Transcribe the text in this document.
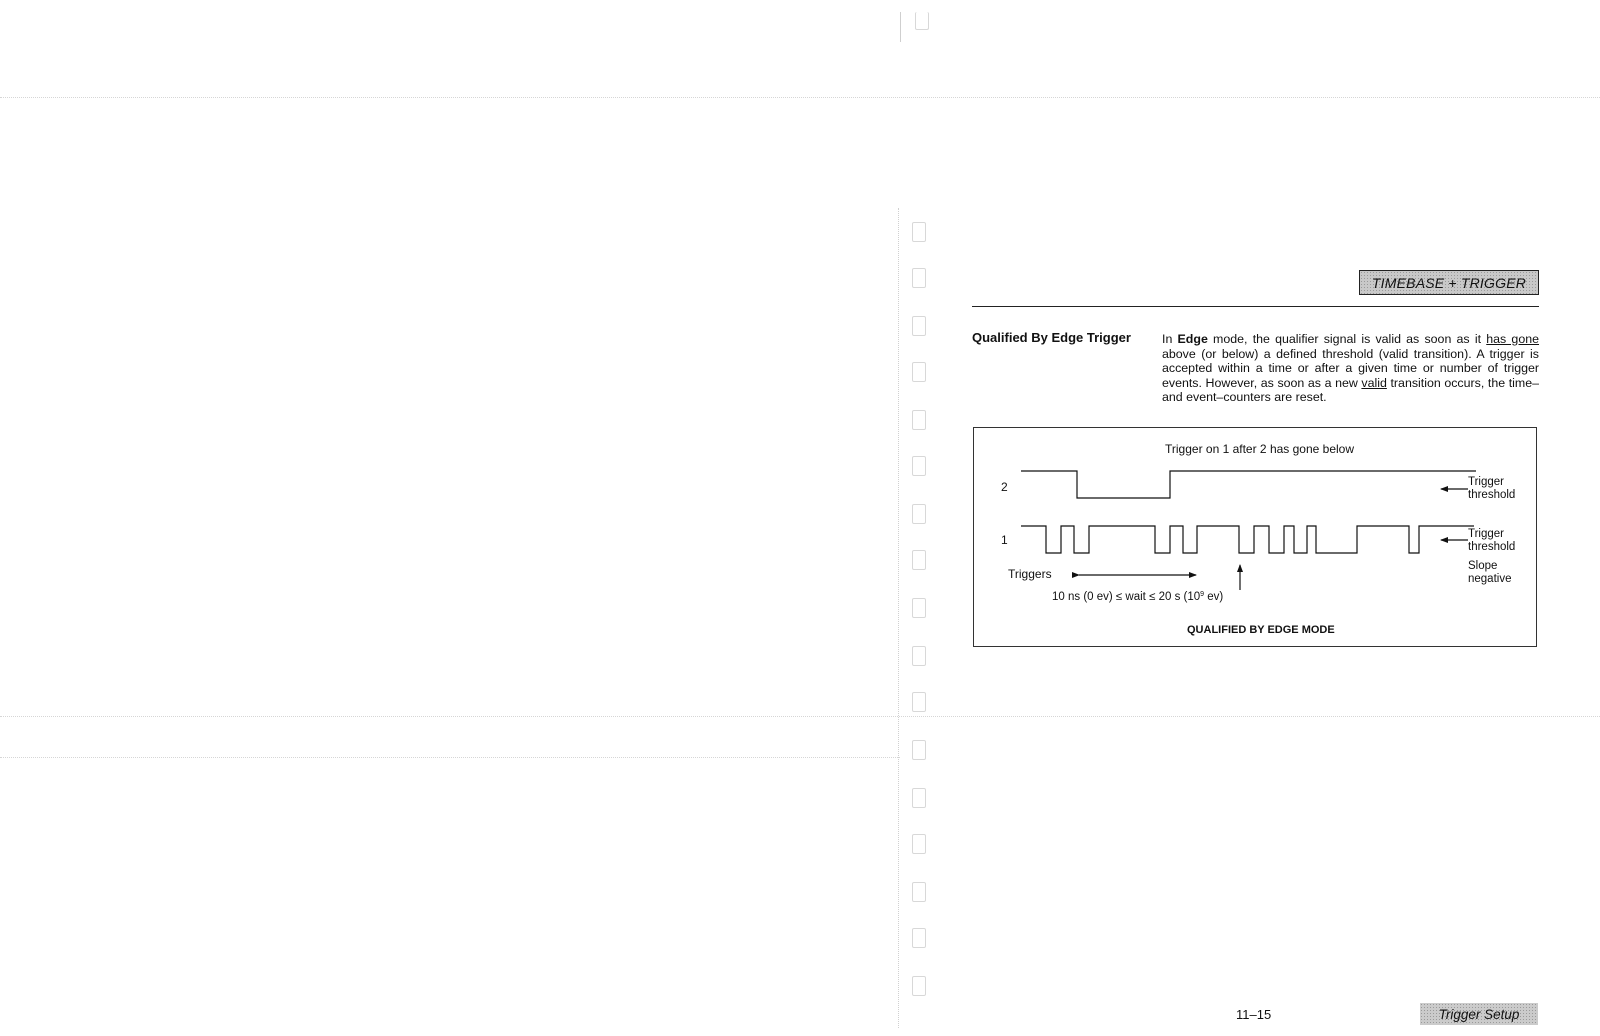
TIMEBASE + TRIGGER
Qualified By Edge Trigger	In Edge mode, the qualifier signal is valid as soon as it has gone above (or below) a defined threshold (valid transition). A trigger is accepted within a time or after a given time or number of trigger events. However, as soon as a new valid transition occurs, the time– and event–counters are reset.

Trigger on 1 after 2 has gone below
2	Trigger threshold
1	Trigger threshold
Slope negative
Triggers
10 ns (0 ev) ≤ wait ≤ 20 s ($10^9$ ev)
QUALIFIED BY EDGE MODE
11–15	Trigger Setup
